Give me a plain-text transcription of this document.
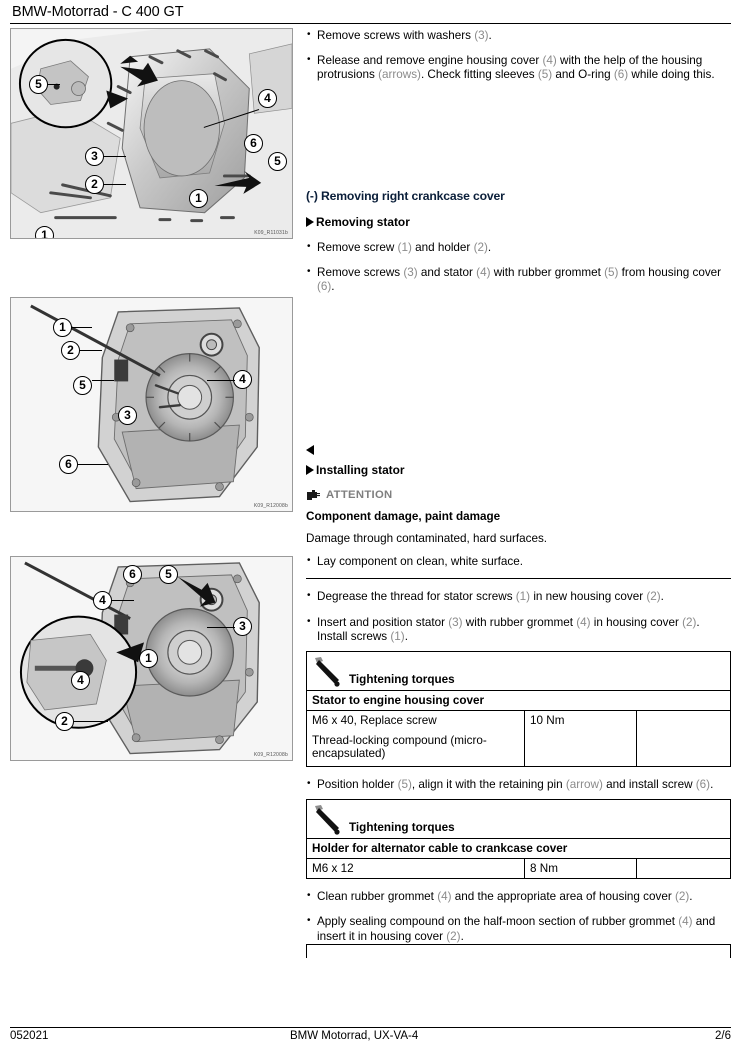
BMW-Motorrad - C 400 GT
5
3
2
1
1
4
6
5
K09_R11031b
1
2
5
3
4
6
K09_R12008b
6	5
4
4
1
3
2
K09_R12008b
• Remove screws with washers (3).
• Release and remove engine housing cover (4) with the help of the housing protrusions (arrows). Check fitting sleeves (5) and O-ring (6) while doing this.
(-) Removing right crankcase cover
Removing stator
• Remove screw (1) and holder (2).
• Remove screws (3) and stator (4) with rubber grommet (5) from housing cover (6).
Installing stator
ATTENTION
Component damage, paint damage
Damage through contaminated, hard surfaces.
• Lay component on clean, white surface.
• Degrease the thread for stator screws (1) in new housing cover (2).
• Insert and position stator (3) with rubber grommet (4) in housing cover (2). Install screws (1).
Tightening torques
Stator to engine housing cover
M6 x 40, Replace screw
Thread-locking compound (micro-encapsulated)
10 Nm
• Position holder (5), align it with the retaining pin (arrow) and install screw (6).
Tightening torques
Holder for alternator cable to crankcase cover
M6 x 12	8 Nm
• Clean rubber grommet (4) and the appropriate area of housing cover (2).
• Apply sealing compound on the half-moon section of rubber grommet (4) and insert it in housing cover (2).
052021	BMW Motorrad, UX-VA-4	2/6
